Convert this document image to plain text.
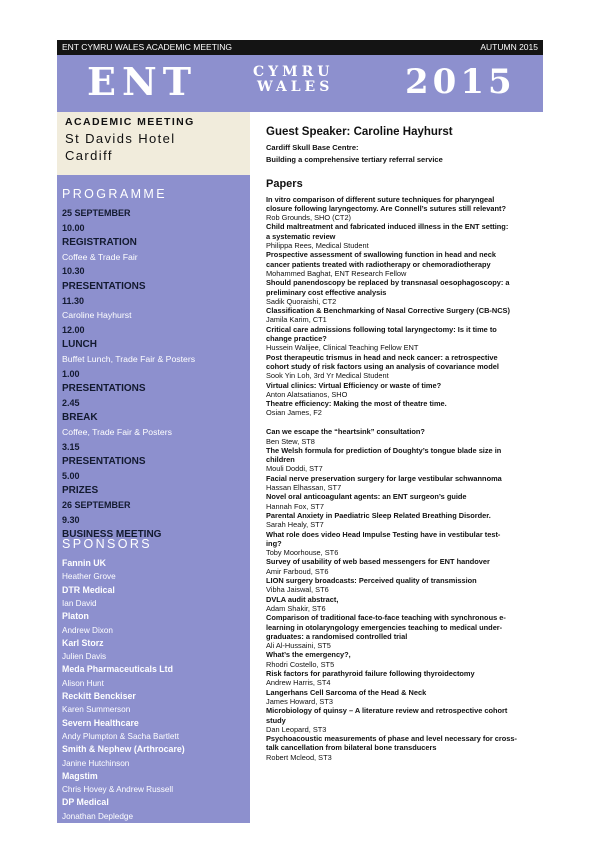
ENT CYMRU WALES ACADEMIC MEETING	AUTUMN 2015
ENT	CYMRU
WALES 2015
ACADEMIC MEETING
St Davids Hotel
Cardiff
PROGRAMME
25 SEPTEMBER
10.00
REGISTRATION
Coffee & Trade Fair
10.30
PRESENTATIONS
11.30
Caroline Hayhurst
12.00
LUNCH
Buffet Lunch, Trade Fair & Posters
1.00
PRESENTATIONS
2.45
BREAK
Coffee, Trade Fair & Posters
3.15
PRESENTATIONS
5.00
PRIZES
26 SEPTEMBER
9.30
BUSINESS MEETING
SPONSORS
Fannin UK
Heather Grove
DTR Medical
Ian David
Platon
Andrew Dixon
Karl Storz
Julien Davis
Meda Pharmaceuticals Ltd
Alison Hunt
Reckitt Benckiser
Karen Summerson
Severn Healthcare
Andy Plumpton & Sacha Bartlett
Smith & Nephew (Arthrocare)
Janine Hutchinson
Magstim
Chris Hovey & Andrew Russell
DP Medical
Jonathan Depledge
Guest Speaker: Caroline Hayhurst
Cardiff Skull Base Centre:
Building a comprehensive tertiary referral service
Papers
In vitro comparison of different suture techniques for pharyngeal
closure following laryngectomy. Are Connell’s sutures still relevant?
Rob Grounds, SHO (CT2)
Child maltreatment and fabricated induced illness in the ENT setting:
a systematic review
Philippa Rees, Medical Student
Prospective assessment of swallowing function in head and neck
cancer patients treated with radiotherapy or chemoradiotherapy
Mohammed Baghat, ENT Research Fellow
Should panendoscopy be replaced by transnasal oesophagoscopy: a
preliminary cost effective analysis
Sadik Quoraishi, CT2
Classification & Benchmarking of Nasal Corrective Surgery (CB-NCS)
Jamila Karim, CT1
Critical care admissions following total laryngectomy: Is it time to
change practice?
Hussein Walijee, Clinical Teaching Fellow ENT
Post therapeutic trismus in head and neck cancer: a retrospective
cohort study of risk factors using an analysis of covariance model
Sook Yin Loh, 3rd Yr Medical Student
Virtual clinics: Virtual Efficiency or waste of time?
Anton Alatsatianos, SHO
Theatre efficiency: Making the most of theatre time.
Osian James, F2
Can we escape the “heartsink” consultation?
Ben Stew, ST8
The Welsh formula for prediction of Doughty’s tongue blade size in
children
Mouli Doddi, ST7
Facial nerve preservation surgery for large vestibular schwannoma
Hassan Elhassan, ST7
Novel oral anticoagulant agents: an ENT surgeon’s guide
Hannah Fox, ST7
Parental Anxiety in Paediatric Sleep Related Breathing Disorder.
Sarah Healy, ST7
What role does video Head Impulse Testing have in vestibular test-
ing?
Toby Moorhouse, ST6
Survey of usability of web based messengers for ENT handover
Amir Farboud, ST6
LION surgery broadcasts: Perceived quality of transmission
Vibha Jaiswal, ST6
DVLA audit abstract,
Adam Shakir, ST6
Comparison of traditional face-to-face teaching with synchronous e-
learning in otolaryngology emergencies teaching to medical under-
graduates: a randomised controlled trial
Ali Al-Hussaini, ST5
What’s the emergency?,
Rhodri Costello, ST5
Risk factors for parathyroid failure following thyroidectomy
Andrew Harris, ST4
Langerhans Cell Sarcoma of the Head & Neck
James Howard, ST3
Microbiology of quinsy – A literature review and retrospective cohort
study
Dan Leopard, ST3
Psychoacoustic measurements of phase and level necessary for cross-
talk cancellation from bilateral bone transducers
Robert Mcleod, ST3
